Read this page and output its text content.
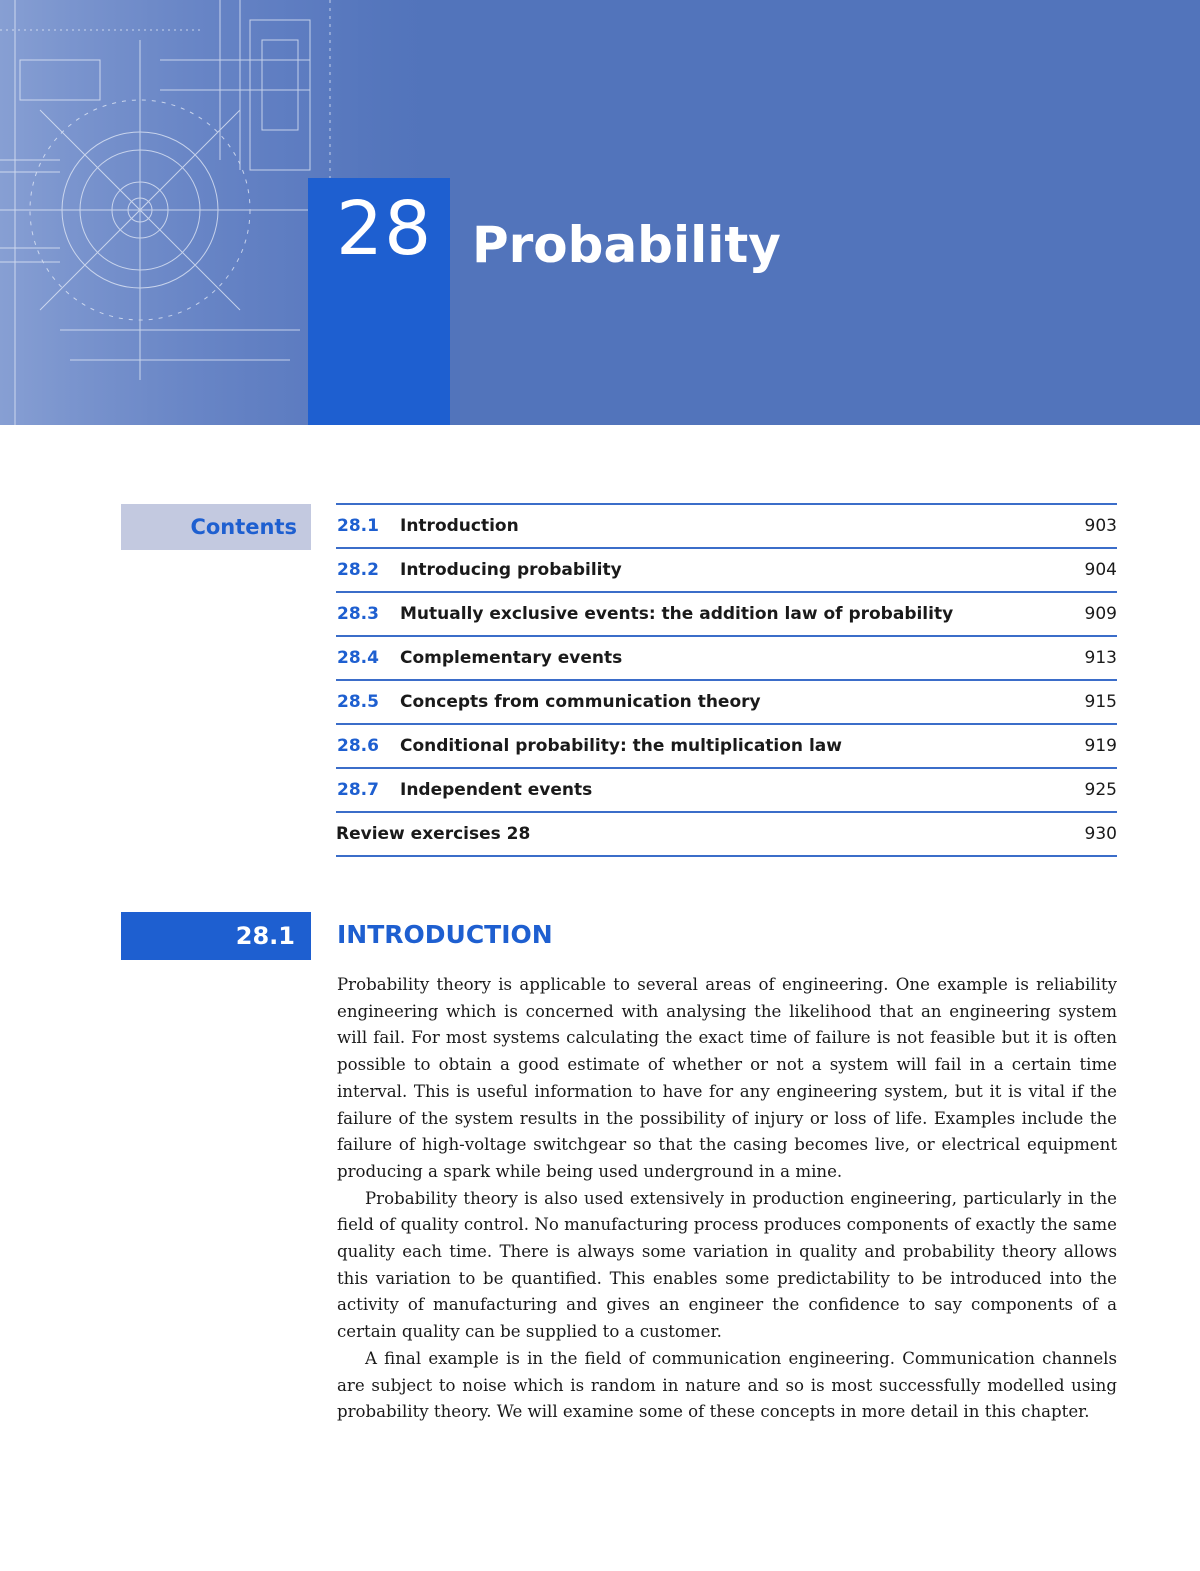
28 Probability
Contents	28.1 Introduction	903
28.2 Introducing probability	904
28.3 Mutually exclusive events: the addition law of probability	909
28.4 Complementary events	913
28.5 Concepts from communication theory	915
28.6 Conditional probability: the multiplication law	919
28.7 Independent events	925
Review exercises 28	930
28.1	INTRODUCTION

Probability theory is applicable to several areas of engineering. One example is reliability engineering which is concerned with analysing the likelihood that an engineering system will fail. For most systems calculating the exact time of failure is not feasible but it is often possible to obtain a good estimate of whether or not a system will fail in a certain time interval. This is useful information to have for any engineering system, but it is vital if the failure of the system results in the possibility of injury or loss of life. Examples include the failure of high-voltage switchgear so that the casing becomes live, or electrical equipment producing a spark while being used underground in a mine.

Probability theory is also used extensively in production engineering, particularly in the field of quality control. No manufacturing process produces components of exactly the same quality each time. There is always some variation in quality and probability theory allows this variation to be quantified. This enables some predictability to be introduced into the activity of manufacturing and gives an engineer the confidence to say components of a certain quality can be supplied to a customer.

A final example is in the field of communication engineering. Communication channels are subject to noise which is random in nature and so is most successfully modelled using probability theory. We will examine some of these concepts in more detail in this chapter.
